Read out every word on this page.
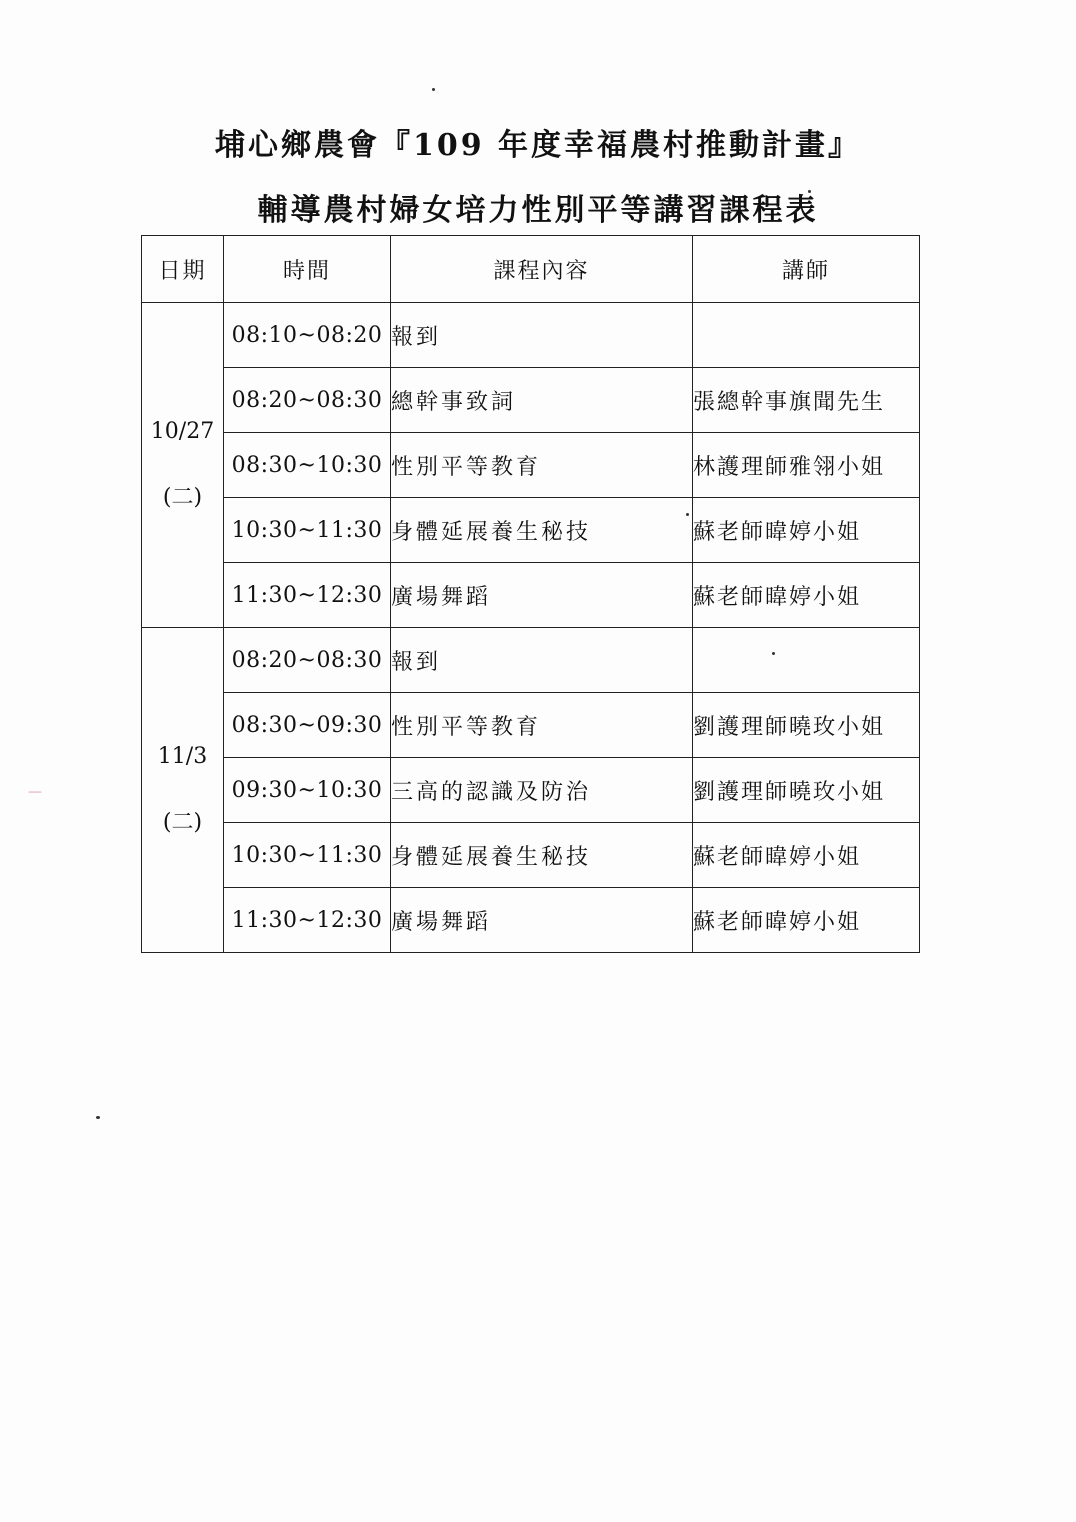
埔心鄉農會『109 年度幸福農村推動計畫』
輔導農村婦女培力性別平等講習課程表
日期	時間	課程內容	講師

10/27
(二)	08:10~08:20	報到	
	08:20~08:30	總幹事致詞	張總幹事旗聞先生
	08:30~10:30	性別平等教育	林護理師雅翎小姐
	10:30~11:30	身體延展養生秘技	蘇老師暐婷小姐
	11:30~12:30	廣場舞蹈	蘇老師暐婷小姐

11/3
(二)	08:20~08:30	報到	
	08:30~09:30	性別平等教育	劉護理師曉玫小姐
	09:30~10:30	三高的認識及防治	劉護理師曉玫小姐
	10:30~11:30	身體延展養生秘技	蘇老師暐婷小姐
	11:30~12:30	廣場舞蹈	蘇老師暐婷小姐
—
